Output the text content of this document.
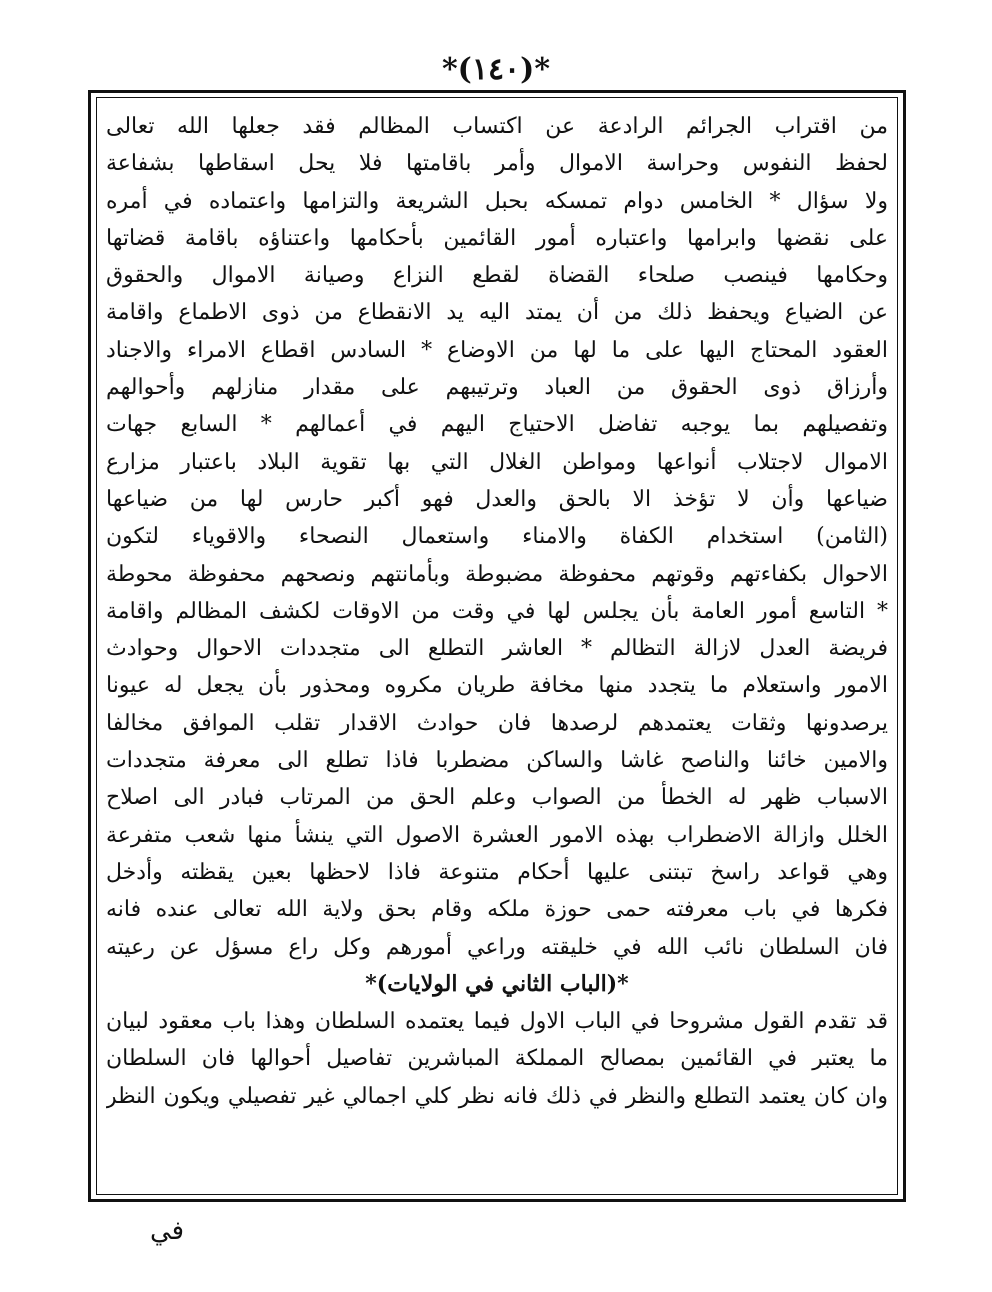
*(١٤٠)*
من اقتراب الجرائم الرادعة عن اكتساب المظالم فقد جعلها الله تعالى
لحفظ النفوس وحراسة الاموال وأمر باقامتها فلا يحل اسقاطها بشفاعة
ولا سؤال * الخامس دوام تمسكه بحبل الشريعة والتزامها واعتماده في أمره
على نقضها وابرامها واعتباره أمور القائمين بأحكامها واعتناؤه باقامة قضاتها
وحكامها فينصب صلحاء القضاة لقطع النزاع وصيانة الاموال والحقوق
عن الضياع ويحفظ ذلك من أن يمتد اليه يد الانقطاع من ذوى الاطماع واقامة
العقود المحتاج اليها على ما لها من الاوضاع * السادس اقطاع الامراء والاجناد
وأرزاق ذوى الحقوق من العباد وترتيبهم على مقدار منازلهم وأحوالهم
وتفصيلهم بما يوجبه تفاضل الاحتياج اليهم في أعمالهم * السابع جهات
الاموال لاجتلاب أنواعها ومواطن الغلال التي بها تقوية البلاد باعتبار مزارع
ضياعها وأن لا تؤخذ الا بالحق والعدل فهو أكبر حارس لها من ضياعها
(الثامن) استخدام الكفاة والامناء واستعمال النصحاء والاقوياء لتكون
الاحوال بكفاءتهم وقوتهم محفوظة مضبوطة وبأمانتهم ونصحهم محفوظة محوطة
* التاسع أمور العامة بأن يجلس لها في وقت من الاوقات لكشف المظالم واقامة
فريضة العدل لازالة التظالم * العاشر التطلع الى متجددات الاحوال وحوادث
الامور واستعلام ما يتجدد منها مخافة طريان مكروه ومحذور بأن يجعل له عيونا
يرصدونها وثقات يعتمدهم لرصدها فان حوادث الاقدار تقلب الموافق مخالفا
والامين خائنا والناصح غاشا والساكن مضطربا فاذا تطلع الى معرفة متجددات
الاسباب ظهر له الخطأ من الصواب وعلم الحق من المرتاب فبادر الى اصلاح
الخلل وازالة الاضطراب بهذه الامور العشرة الاصول التي ينشأ منها شعب متفرعة
وهي قواعد راسخ تبتنى عليها أحكام متنوعة فاذا لاحظها بعين يقظته وأدخل
فكرها في باب معرفته حمى حوزة ملكه وقام بحق ولاية الله تعالى عنده فانه
فان السلطان نائب الله في خليقته وراعي أمورهم وكل راع مسؤل عن رعيته
*(الباب الثاني في الولايات)*
قد تقدم القول مشروحا في الباب الاول فيما يعتمده السلطان وهذا باب معقود لبيان
ما يعتبر في القائمين بمصالح المملكة المباشرين تفاصيل أحوالها فان السلطان
وان كان يعتمد التطلع والنظر في ذلك فانه نظر كلي اجمالي غير تفصيلي ويكون النظر
في
